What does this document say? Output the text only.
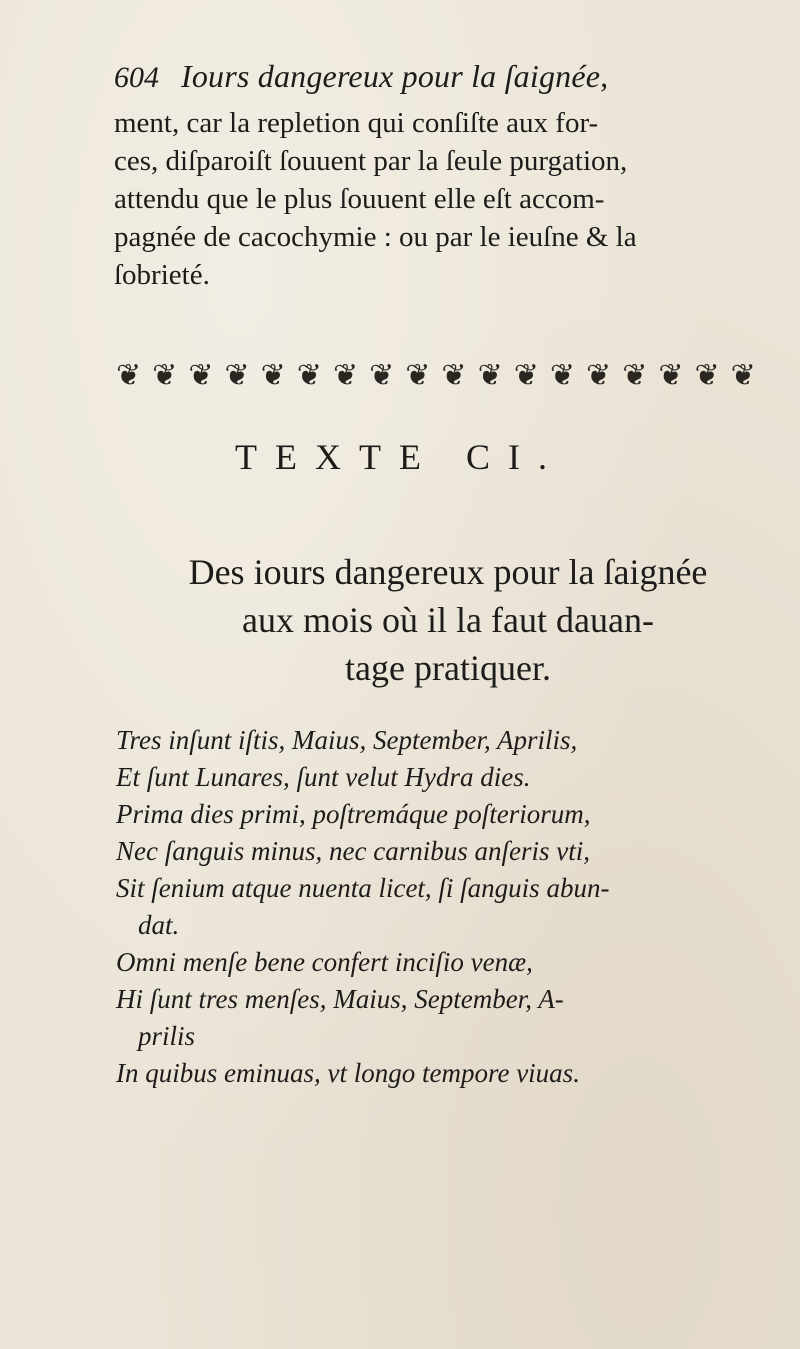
604 Iours dangereux pour la ſaignée,
ment, car la repletion qui conſiſte aux for-
ces, diſparoiſt ſouuent par la ſeule purgation,
attendu que le plus ſouuent elle eſt accom-
pagnée de cacochymie : ou par le ieuſne & la
ſobrieté.
❦ ❦ ❦ ❦ ❦ ❦ ❦ ❦ ❦ ❦ ❦ ❦ ❦ ❦ ❦ ❦ ❦ ❦
TEXTE CI.
Des iours dangereux pour la ſaignée
aux mois où il la faut dauan-
tage pratiquer.
Tres inſunt iſtis, Maius, September, Aprilis,
Et ſunt Lunares, ſunt velut Hydra dies.
Prima dies primi, poſtremáque poſteriorum,
Nec ſanguis minus, nec carnibus anſeris vti,
Sit ſenium atque nuenta licet, ſi ſanguis abun-
dat.
Omni menſe bene confert inciſio venæ,
Hi ſunt tres menſes, Maius, September, A-
prilis
In quibus eminuas, vt longo tempore viuas.
